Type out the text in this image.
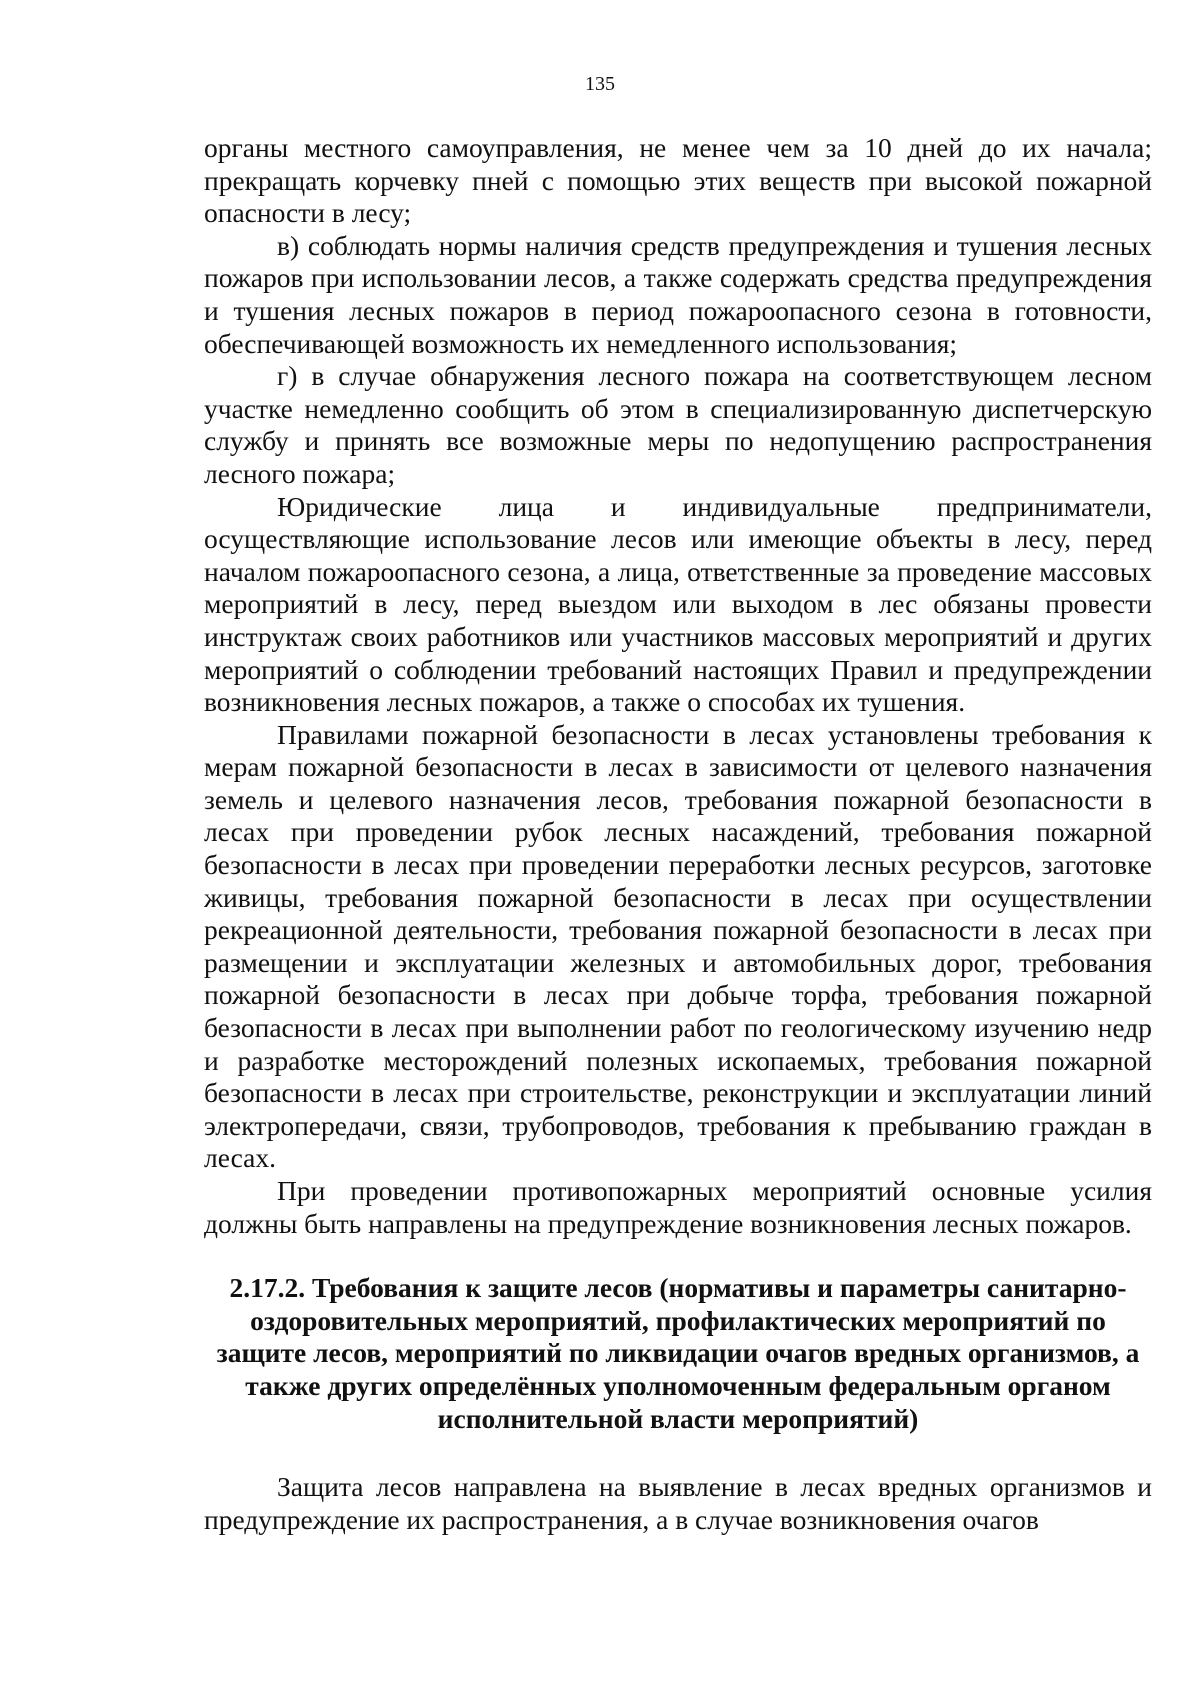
135

органы местного самоуправления, не менее чем за 10 дней до их начала; прекращать корчевку пней с помощью этих веществ при высокой пожарной опасности в лесу;

в) соблюдать нормы наличия средств предупреждения и тушения лесных пожаров при использовании лесов, а также содержать средства предупреждения и тушения лесных пожаров в период пожароопасного сезона в готовности, обеспечивающей возможность их немедленного использования;

г) в случае обнаружения лесного пожара на соответствующем лесном участке немедленно сообщить об этом в специализированную диспетчерскую службу и принять все возможные меры по недопущению распространения лесного пожара;

Юридические лица и индивидуальные предприниматели, осуществляющие использование лесов или имеющие объекты в лесу, перед началом пожароопасного сезона, а лица, ответственные за проведение массовых мероприятий в лесу, перед выездом или выходом в лес обязаны провести инструктаж своих работников или участников массовых мероприятий и других мероприятий о соблюдении требований настоящих Правил и предупреждении возникновения лесных пожаров, а также о способах их тушения.

Правилами пожарной безопасности в лесах установлены требования к мерам пожарной безопасности в лесах в зависимости от целевого назначения земель и целевого назначения лесов, требования пожарной безопасности в лесах при проведении рубок лесных насаждений, требования пожарной безопасности в лесах при проведении переработки лесных ресурсов, заготовке живицы, требования пожарной безопасности в лесах при осуществлении рекреационной деятельности, требования пожарной безопасности в лесах при размещении и эксплуатации железных и автомобильных дорог, требования пожарной безопасности в лесах при добыче торфа, требования пожарной безопасности в лесах при выполнении работ по геологическому изучению недр и разработке месторождений полезных ископаемых, требования пожарной безопасности в лесах при строительстве, реконструкции и эксплуатации линий электропередачи, связи, трубопроводов, требования к пребыванию граждан в лесах.

При проведении противопожарных мероприятий основные усилия должны быть направлены на предупреждение возникновения лесных пожаров.

2.17.2. Требования к защите лесов (нормативы и параметры санитарно-оздоровительных мероприятий, профилактических мероприятий по защите лесов, мероприятий по ликвидации очагов вредных организмов, а также других определённых уполномоченным федеральным органом исполнительной власти мероприятий)

Защита лесов направлена на выявление в лесах вредных организмов и предупреждение их распространения, а в случае возникновения очагов
